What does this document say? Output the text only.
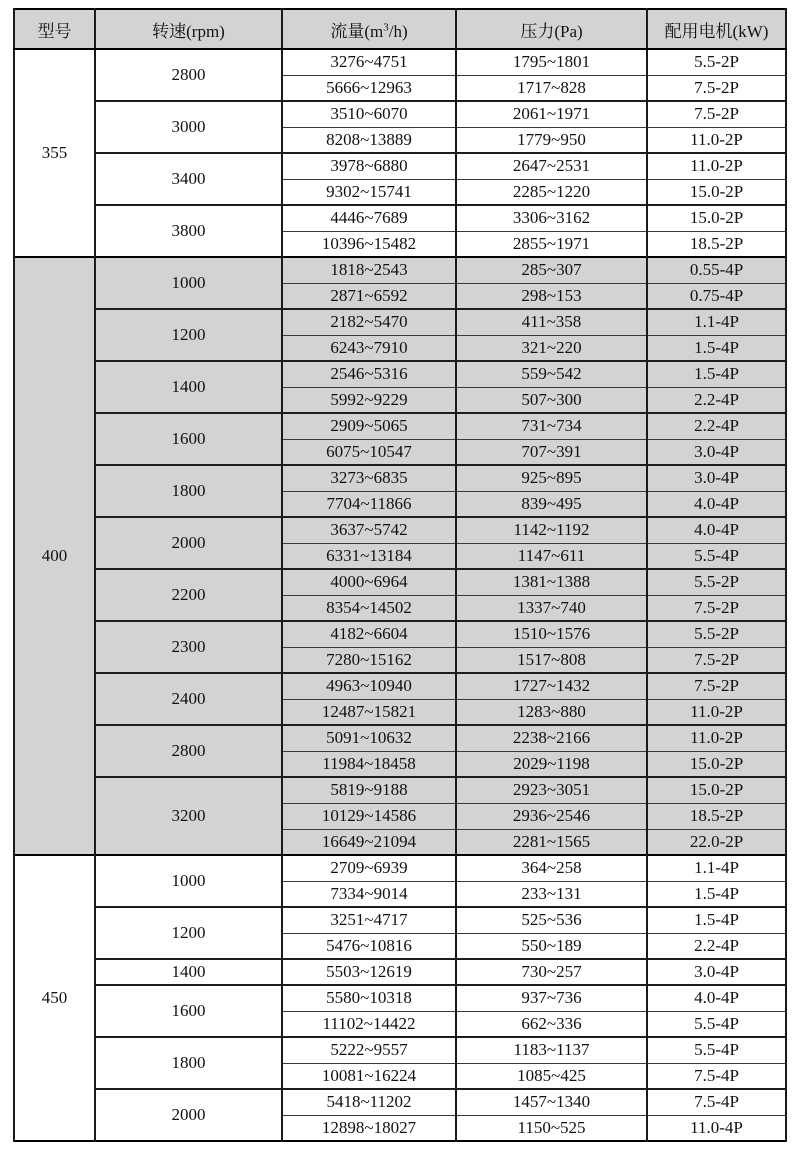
型号	转速(rpm)	流量$(m^3/h)$	压力(Pa)	配用电机(kW)
355	2800	3276~4751	1795~1801	5.5-2P
		5666~12963	1717~828	7.5-2P
	3000	3510~6070	2061~1971	7.5-2P
		8208~13889	1779~950	11.0-2P
	3400	3978~6880	2647~2531	11.0-2P
		9302~15741	2285~1220	15.0-2P
	3800	4446~7689	3306~3162	15.0-2P
		10396~15482	2855~1971	18.5-2P
400	1000	1818~2543	285~307	0.55-4P
		2871~6592	298~153	0.75-4P
	1200	2182~5470	411~358	1.1-4P
		6243~7910	321~220	1.5-4P
	1400	2546~5316	559~542	1.5-4P
		5992~9229	507~300	2.2-4P
	1600	2909~5065	731~734	2.2-4P
		6075~10547	707~391	3.0-4P
	1800	3273~6835	925~895	3.0-4P
		7704~11866	839~495	4.0-4P
	2000	3637~5742	1142~1192	4.0-4P
		6331~13184	1147~611	5.5-4P
	2200	4000~6964	1381~1388	5.5-2P
		8354~14502	1337~740	7.5-2P
	2300	4182~6604	1510~1576	5.5-2P
		7280~15162	1517~808	7.5-2P
	2400	4963~10940	1727~1432	7.5-2P
		12487~15821	1283~880	11.0-2P
	2800	5091~10632	2238~2166	11.0-2P
		11984~18458	2029~1198	15.0-2P
	3200	5819~9188	2923~3051	15.0-2P
		10129~14586	2936~2546	18.5-2P
		16649~21094	2281~1565	22.0-2P
450	1000	2709~6939	364~258	1.1-4P
		7334~9014	233~131	1.5-4P
	1200	3251~4717	525~536	1.5-4P
		5476~10816	550~189	2.2-4P
	1400	5503~12619	730~257	3.0-4P
	1600	5580~10318	937~736	4.0-4P
		11102~14422	662~336	5.5-4P
	1800	5222~9557	1183~1137	5.5-4P
		10081~16224	1085~425	7.5-4P
	2000	5418~11202	1457~1340	7.5-4P
		12898~18027	1150~525	11.0-4P
